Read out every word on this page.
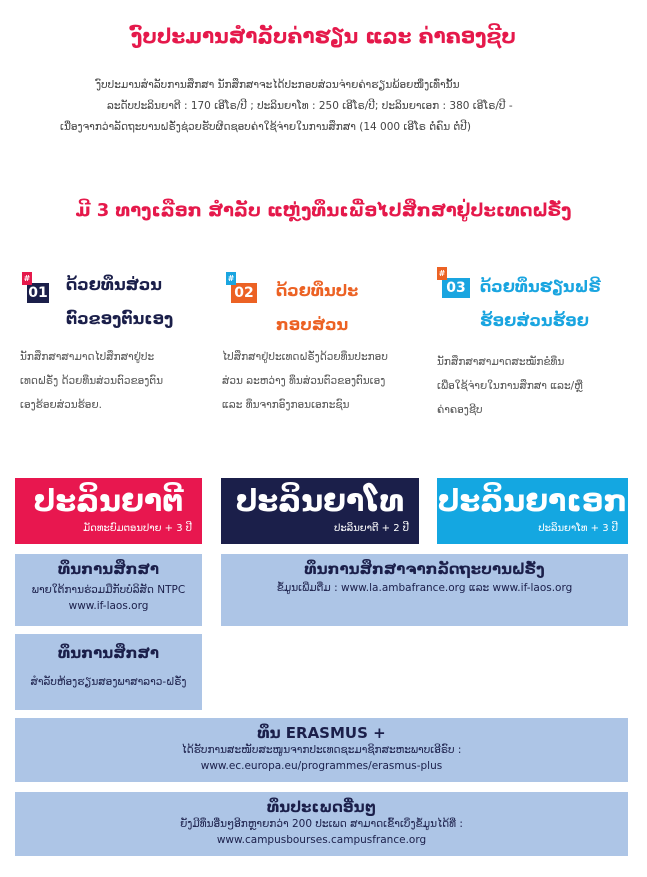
ງົບປະມານສຳລັບຄ່າຮຽນ ແລະ ຄ່າຄອງຊີບ
ງົບປະມານສຳລັບການສຶກສາ ນັກສຶກສາຈະໄດ້ປະກອບສ່ວນຈ່າຍຄ່າຮຽນພ້ອຍໜຶ່ງເທົ່ານັ້ນ
ລະດັບປະລິນຍາຕີ : 170 ເອີໂຣ/ປີ ; ປະລິນຍາໂທ : 250 ເອີໂຣ/ປີ; ປະລິນຍາເອກ : 380 ເອີໂຣ/ປີ -
ເນື່ອງຈາກວ່າລັດຖະບານຝຣັ່ງຊ່ວຍຮັບຜິດຊອບຄ່າໃຊ້ຈ່າຍໃນການສຶກສາ (14 000 ເອີໂຣ ຕໍ່ຄົນ ຕໍ່ປີ)
ມີ 3 ທາງເລືອກ ສຳລັບ ແຫຼ່ງທຶນເພື່ອໄປສຶກສາຢູ່ປະເທດຝຣັ່ງ
#
01 ດ້ວຍທຶນສ່ວນ
ຕົວຂອງຕົນເອງ
ນັກສຶກສາສາມາດໄປສຶກສາຢູ່ປະ
ເທດຝຣັ່ງ ດ້ວຍທຶນສ່ວນຕົວຂອງຕົນ
ເອງຮ້ອຍສ່ວນຮ້ອຍ.
#
02 ດ້ວຍທຶນປະ
ກອບສ່ວນ
ໄປສຶກສາຢູ່ປະເທດຝຣັ່ງດ້ວຍທຶນປະກອບ
ສ່ວນ ລະຫວ່າງ ທຶນສ່ວນຕົວຂອງຕົນເອງ
ແລະ ທຶນຈາກອົງກອນເອກະຊົນ
#
03 ດ້ວຍທຶນຮຽນຟຣີ
ຮ້ອຍສ່ວນຮ້ອຍ
ນັກສຶກສາສາມາດສະໝັກຂໍທຶນ
ເພື່ອໃຊ້ຈ່າຍໃນການສຶກສາ ແລະ/ຫຼື
ຄ່າຄອງຊີບ
ປະລິນຍາຕີ
ມັດທະຍົມຕອນປາຍ + 3 ປີ
ປະລິນຍາໂທ
ປະລິນຍາຕີ + 2 ປີ
ປະລິນຍາເອກ
ປະລິນຍາໂທ + 3 ປີ
ທຶນການສຶກສາ
ພາຍໃຕ້ການຮ່ວມມືກັບບໍລິສັດ NTPC
www.if-laos.org
ທຶນການສຶກສາຈາກລັດຖະບານຝຣັ່ງ
ຂໍ້ມູນເພີ່ມຕື່ມ : www.la.ambafrance.org ແລະ www.if-laos.org
ທຶນການສຶກສາ
ສຳລັບຫ້ອງຮຽນສອງພາສາລາວ-ຝຣັ່ງ
ທຶນ ERASMUS +
ໄດ້ຮັບການສະໜັບສະໜູນຈາກປະເທດຊະມາຊິກສະຫະພາບເອີຣົບ :
www.ec.europa.eu/programmes/erasmus-plus
ທຶນປະເພດອື່ນໆ
ຍັງມີທຶນອື່ນໆອີກຫຼາຍກວ່າ 200 ປະເພດ ສາມາດເຂົ້າເບິ່ງຂໍ້ມູນໄດ້ທີ່ :
www.campusbourses.campusfrance.org
